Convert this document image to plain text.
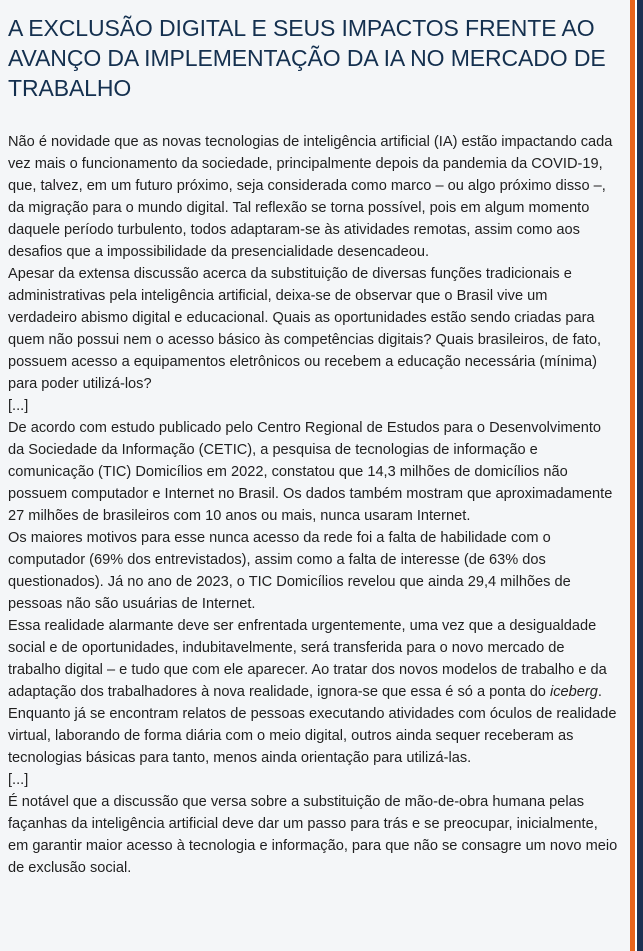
A EXCLUSÃO DIGITAL E SEUS IMPACTOS FRENTE AO AVANÇO DA IMPLEMENTAÇÃO DA IA NO MERCADO DE TRABALHO

Não é novidade que as novas tecnologias de inteligência artificial (IA) estão impactando cada vez mais o funcionamento da sociedade, principalmente depois da pandemia da COVID-19, que, talvez, em um futuro próximo, seja considerada como marco – ou algo próximo disso –, da migração para o mundo digital. Tal reflexão se torna possível, pois em algum momento daquele período turbulento, todos adaptaram-se às atividades remotas, assim como aos desafios que a impossibilidade da presencialidade desencadeou.

Apesar da extensa discussão acerca da substituição de diversas funções tradicionais e administrativas pela inteligência artificial, deixa-se de observar que o Brasil vive um verdadeiro abismo digital e educacional. Quais as oportunidades estão sendo criadas para quem não possui nem o acesso básico às competências digitais? Quais brasileiros, de fato, possuem acesso a equipamentos eletrônicos ou recebem a educação necessária (mínima) para poder utilizá-los?

[...]

De acordo com estudo publicado pelo Centro Regional de Estudos para o Desenvolvimento da Sociedade da Informação (CETIC), a pesquisa de tecnologias de informação e comunicação (TIC) Domicílios em 2022, constatou que 14,3 milhões de domicílios não possuem computador e Internet no Brasil. Os dados também mostram que aproximadamente 27 milhões de brasileiros com 10 anos ou mais, nunca usaram Internet.

Os maiores motivos para esse nunca acesso da rede foi a falta de habilidade com o computador (69% dos entrevistados), assim como a falta de interesse (de 63% dos questionados). Já no ano de 2023, o TIC Domicílios revelou que ainda 29,4 milhões de pessoas não são usuárias de Internet.

Essa realidade alarmante deve ser enfrentada urgentemente, uma vez que a desigualdade social e de oportunidades, indubitavelmente, será transferida para o novo mercado de trabalho digital – e tudo que com ele aparecer. Ao tratar dos novos modelos de trabalho e da adaptação dos trabalhadores à nova realidade, ignora-se que essa é só a ponta do iceberg. Enquanto já se encontram relatos de pessoas executando atividades com óculos de realidade virtual, laborando de forma diária com o meio digital, outros ainda sequer receberam as tecnologias básicas para tanto, menos ainda orientação para utilizá-las.

[...]

É notável que a discussão que versa sobre a substituição de mão-de-obra humana pelas façanhas da inteligência artificial deve dar um passo para trás e se preocupar, inicialmente, em garantir maior acesso à tecnologia e informação, para que não se consagre um novo meio de exclusão social.
